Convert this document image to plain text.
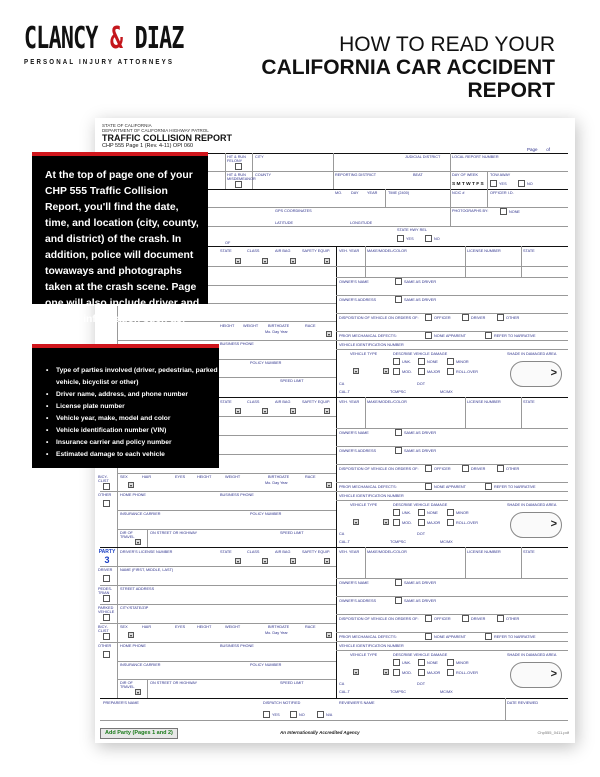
CLANCY & DIAZ
PERSONAL INJURY ATTORNEYS
HOW TO READ YOUR
CALIFORNIA CAR ACCIDENT
REPORT
STATE OF CALIFORNIA
DEPARTMENT OF CALIFORNIA HIGHWAY PATROL
TRAFFIC COLLISION REPORT
CHP 555 Page 1 (Rev. 4-11) OPI 060
Page of
HIT & RUN FELONY
HIT & RUN MISDEMEANOR
CITY
COUNTY
JUDICIAL DISTRICT	LOCAL REPORT NUMBER
REPORTING DISTRICT	BEAT	DAY OF WEEK
S M T W T F S
TOW AWAY
YES	NO
MO. DAY YEAR	TIME (2400)	NCIC #	OFFICER I.D.
GPS COORDINATES
LATITUDE	LONGITUDE
PHOTOGRAPHS BY:	NONE
STATE HWY REL
YES	NO
OF
STATE	CLASS	AIR BAG	SAFETY EQUIP.
HEIGHT WEIGHT	BIRTHDATE
Mo. Day Year
RACE
BUSINESS PHONE
POLICY NUMBER
SPEED LIMIT
VEH. YEAR MAKE/MODEL/COLOR	LICENSE NUMBER	STATE
OWNER'S NAME	SAME AS DRIVER
OWNER'S ADDRESS	SAME AS DRIVER
DISPOSITION OF VEHICLE ON ORDERS OF:	OFFICER	DRIVER	OTHER
PRIOR MECHANICAL DEFECTS:	NONE APPARENT	REFER TO NARRATIVE
VEHICLE IDENTIFICATION NUMBER
VEHICLE TYPE	DESCRIBE VEHICLE DAMAGE
UNK.	NONE	MINOR
MOD.	MAJOR	ROLL-OVER
SHADE IN DAMAGED AREA
>
CA	DOT
CAL-T	TCMPSC	MC/MX
STATE	CLASS	AIR BAG	SAFETY EQUIP.
BICY-CLIST
SEX	HAIR	EYES	HEIGHT	WEIGHT	BIRTHDATE
Mo. Day Year
RACE
OTHER HOME PHONE	BUSINESS PHONE
INSURANCE CARRIER	POLICY NUMBER
DIR OF TRAVEL
ON STREET OR HIGHWAY	SPEED LIMIT
VEH. YEAR MAKE/MODEL/COLOR	LICENSE NUMBER	STATE
OWNER'S NAME	SAME AS DRIVER
OWNER'S ADDRESS	SAME AS DRIVER
DISPOSITION OF VEHICLE ON ORDERS OF:	OFFICER	DRIVER	OTHER
PRIOR MECHANICAL DEFECTS:	NONE APPARENT	REFER TO NARRATIVE
VEHICLE IDENTIFICATION NUMBER
VEHICLE TYPE	DESCRIBE VEHICLE DAMAGE
UNK.	NONE	MINOR
MOD.	MAJOR	ROLL-OVER
SHADE IN DAMAGED AREA
>
CA	DOT
CAL-T	TCMPSC	MC/MX
PARTY
3
DRIVER'S LICENSE NUMBER	STATE	CLASS	AIR BAG	SAFETY EQUIP.
DRIVER NAME (FIRST, MIDDLE, LAST)
PEDES-TRIAN
STREET ADDRESS
PARKED VEHICLE
CITY/STATE/ZIP
BICY-CLIST
SEX	HAIR	EYES	HEIGHT	WEIGHT	BIRTHDATE
Mo. Day Year
RACE
OTHER HOME PHONE	BUSINESS PHONE
INSURANCE CARRIER	POLICY NUMBER
DIR OF TRAVEL
ON STREET OR HIGHWAY	SPEED LIMIT
VEH. YEAR MAKE/MODEL/COLOR	LICENSE NUMBER	STATE
OWNER'S NAME	SAME AS DRIVER
OWNER'S ADDRESS	SAME AS DRIVER
DISPOSITION OF VEHICLE ON ORDERS OF:	OFFICER	DRIVER	OTHER
PRIOR MECHANICAL DEFECTS:	NONE APPARENT	REFER TO NARRATIVE
VEHICLE IDENTIFICATION NUMBER
VEHICLE TYPE	DESCRIBE VEHICLE DAMAGE
UNK.	NONE	MINOR
MOD.	MAJOR	ROLL-OVER
SHADE IN DAMAGED AREA
>
CA	DOT
CAL-T	TCMPSC	MC/MX
PREPARER'S NAME	DISPATCH NOTIFIED
YES	NO	N/A
REVIEWER'S NAME	DATE REVIEWED
Add Party (Pages 1 and 2)	An Internationally Accredited Agency	Chp555_0411.pdf

At the top of page one of your CHP 555 Traffic Collision Report, you'll find the date, time, and location (city, county, and district) of the crash. In addition, police will document towaways and photographs taken at the crash scene. Page one will also include driver and vehicle information such as:

• Type of parties involved (driver, pedestrian, parked vehicle, bicyclist or other)
• Driver name, address, and phone number
• License plate number
• Vehicle year, make, model and color
• Vehicle identification number (VIN)
• Insurance carrier and policy number
• Estimated damage to each vehicle
